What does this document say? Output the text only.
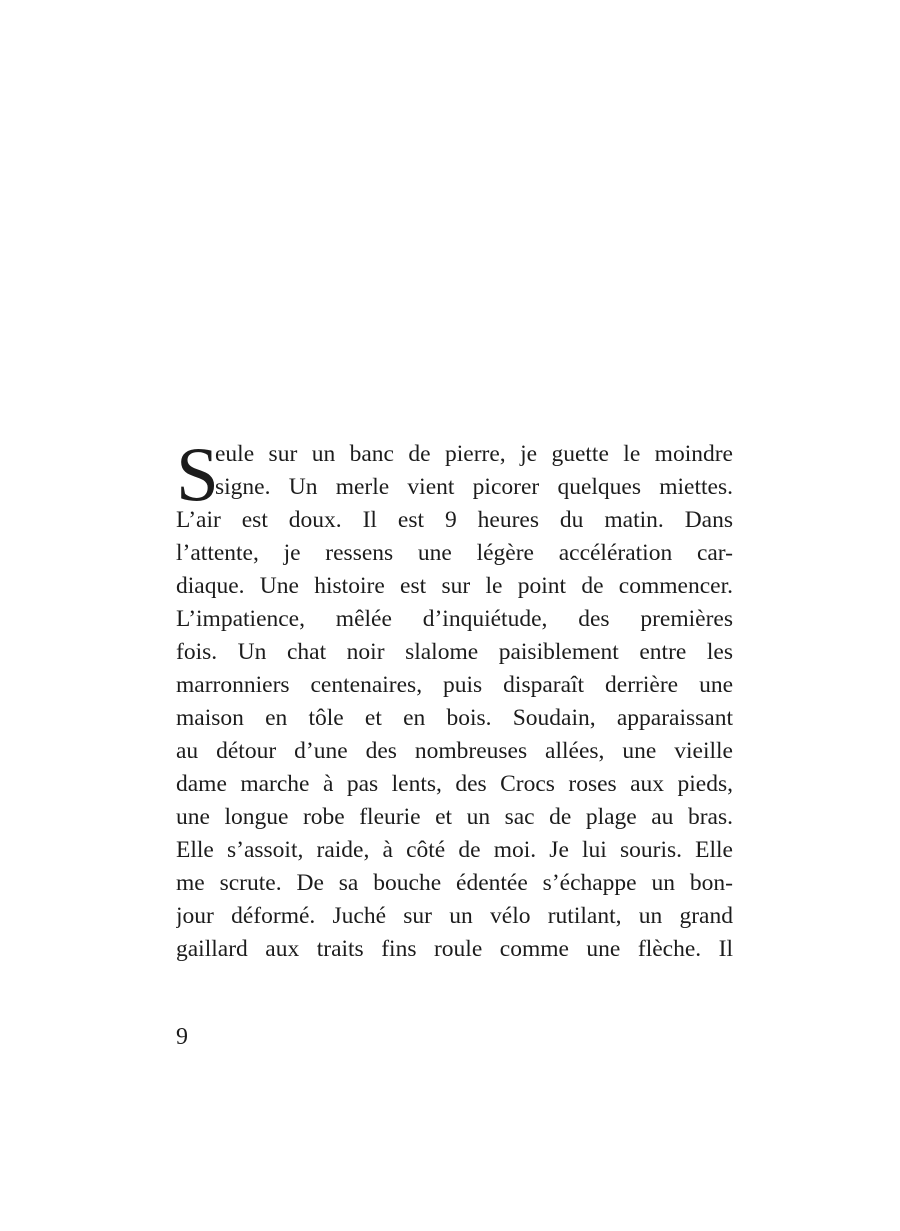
S
eule sur un banc de pierre, je guette le moindre
signe. Un merle vient picorer quelques miettes.
L’air est doux. Il est 9 heures du matin. Dans
l’attente, je ressens une légère accélération car-
diaque. Une histoire est sur le point de commencer.
L’impatience, mêlée d’inquiétude, des premières
fois. Un chat noir slalome paisiblement entre les
marronniers centenaires, puis disparaît derrière une
maison en tôle et en bois. Soudain, apparaissant
au détour d’une des nombreuses allées, une vieille
dame marche à pas lents, des Crocs roses aux pieds,
une longue robe fleurie et un sac de plage au bras.
Elle s’assoit, raide, à côté de moi. Je lui souris. Elle
me scrute. De sa bouche édentée s’échappe un bon-
jour déformé. Juché sur un vélo rutilant, un grand
gaillard aux traits fins roule comme une flèche. Il
9
